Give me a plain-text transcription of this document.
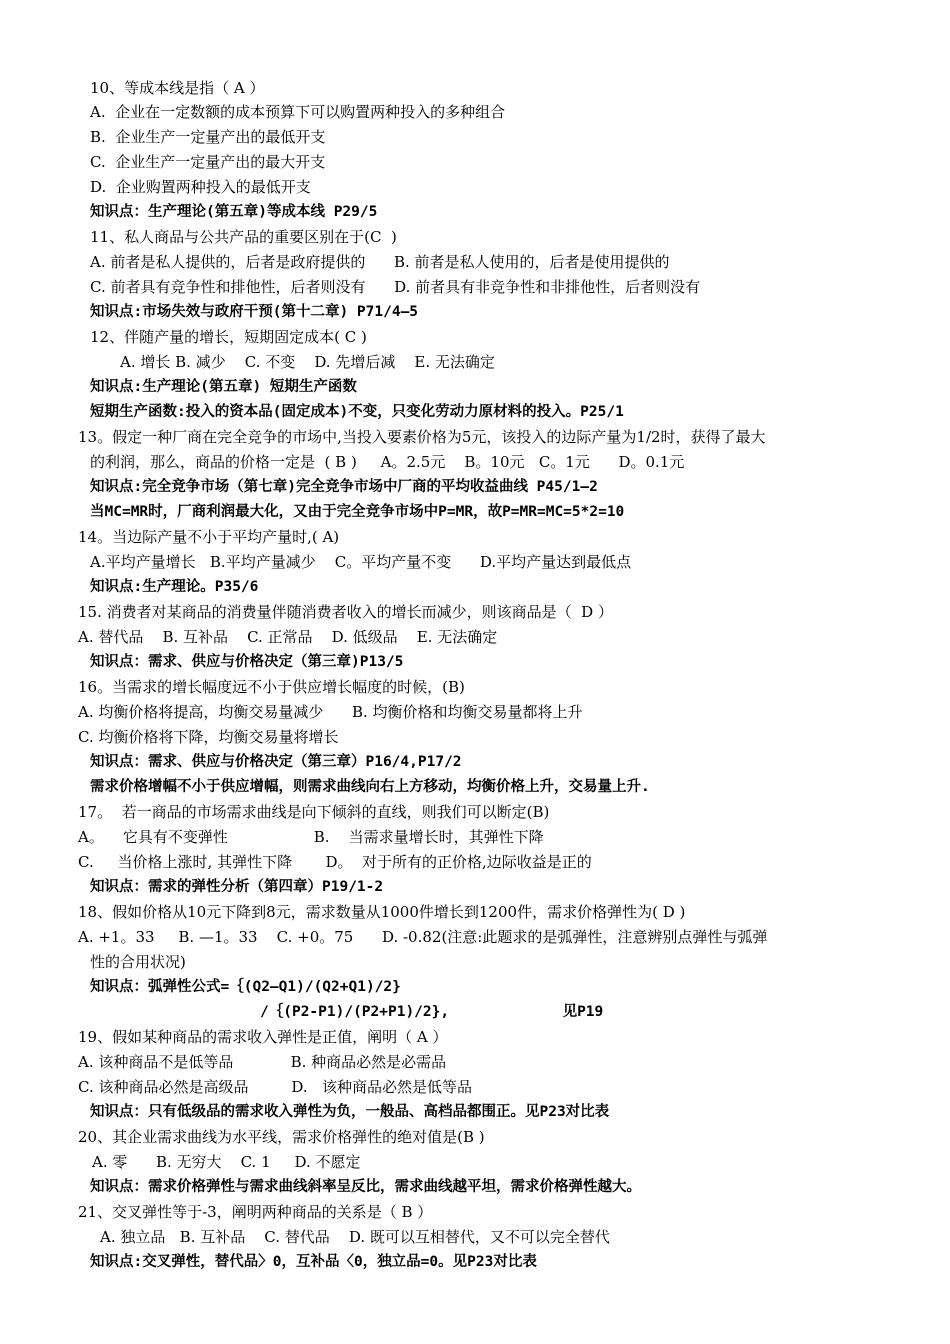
10、等成本线是指（ A ）
A.  企业在一定数额的成本预算下可以购置两种投入的多种组合
B.  企业生产一定量产出的最低开支
C.  企业生产一定量产出的最大开支
D.  企业购置两种投入的最低开支
知识点：生产理论(第五章)等成本线 P29/5
11、私人商品与公共产品的重要区别在于(C  )
A. 前者是私人提供的，后者是政府提供的      B. 前者是私人使用的，后者是使用提供的
C. 前者具有竞争性和排他性，后者则没有      D. 前者具有非竞争性和非排他性，后者则没有
知识点:市场失效与政府干预(第十二章) P71/4—5
12、伴随产量的增长，短期固定成本( C )
A. 增长 B. 减少    C. 不变    D. 先增后减    E. 无法确定
知识点:生产理论(第五章) 短期生产函数
短期生产函数:投入的资本品(固定成本)不变，只变化劳动力原材料的投入。P25/1
13。假定一种厂商在完全竞争的市场中,当投入要素价格为5元，该投入的边际产量为1/2时，获得了最大
的利润，那么，商品的价格一定是  ( B )     A。2.5元    B。10元   C。1元      D。0.1元
知识点:完全竞争市场（第七章)完全竞争市场中厂商的平均收益曲线 P45/1—2
当MC=MR时，厂商利润最大化，又由于完全竞争市场中P=MR，故P=MR=MC=5*2=10
14。当边际产量不小于平均产量时,( A)
A.平均产量增长   B.平均产量减少    C。平均产量不变      D.平均产量达到最低点
知识点:生产理论。P35/6
15. 消费者对某商品的消费量伴随消费者收入的增长而减少，则该商品是（  D ）
A. 替代品    B. 互补品    C. 正常品    D. 低级品    E. 无法确定
知识点：需求、供应与价格决定（第三章)P13/5
16。当需求的增长幅度远不小于供应增长幅度的时候，(B)
A. 均衡价格将提高，均衡交易量减少      B. 均衡价格和均衡交易量都将上升
C. 均衡价格将下降，均衡交易量将增长
知识点：需求、供应与价格决定（第三章）P16/4,P17/2
需求价格增幅不小于供应增幅，则需求曲线向右上方移动，均衡价格上升，交易量上升.
17。  若一商品的市场需求曲线是向下倾斜的直线，则我们可以断定(B)
A。    它具有不变弹性                  B.    当需求量增长时，其弹性下降
C.     当价格上涨时, 其弹性下降       D。  对于所有的正价格,边际收益是正的
知识点：需求的弹性分析（第四章）P19/1-2
18、假如价格从10元下降到8元，需求数量从1000件增长到1200件，需求价格弹性为( D )
A. +1。33     B. —1。33    C. +0。75      D. -0.82(注意:此题求的是弧弹性，注意辨别点弹性与弧弹
性的合用状况)
知识点：弧弹性公式=｛(Q2—Q1)/(Q2+Q1)/2}
/｛(P2-P1)/(P2+P1)/2},             见P19
19、假如某种商品的需求收入弹性是正值，阐明（ A ）
A. 该种商品不是低等品            B. 种商品必然是必需品
C. 该种商品必然是高级品         D.   该种商品必然是低等品
知识点：只有低级品的需求收入弹性为负，一般品、高档品都围正。见P23对比表
20、其企业需求曲线为水平线，需求价格弹性的绝对值是(B )
A. 零      B. 无穷大    C. 1     D. 不愿定
知识点：需求价格弹性与需求曲线斜率呈反比，需求曲线越平坦，需求价格弹性越大。
21、交叉弹性等于-3，阐明两种商品的关系是（ B ）
A. 独立品   B. 互补品    C. 替代品    D. 既可以互相替代，又不可以完全替代
知识点:交叉弹性，替代品〉0，互补品〈0，独立品=0。见P23对比表
